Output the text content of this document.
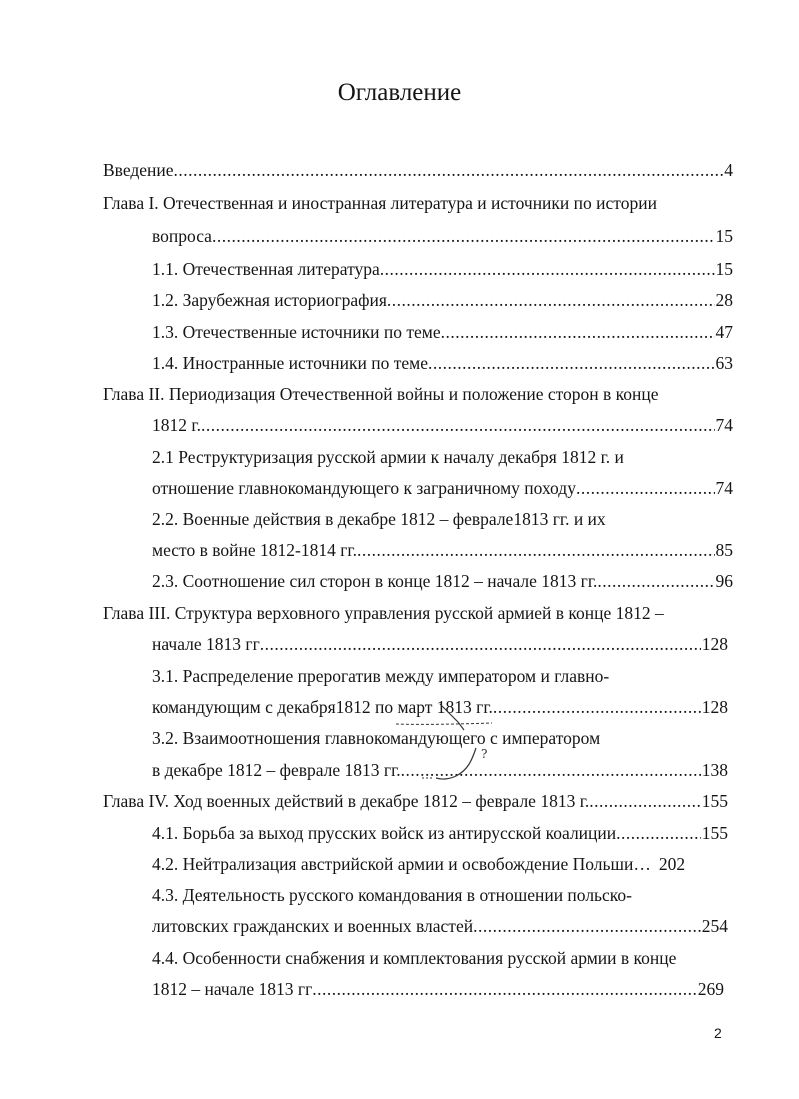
Оглавление
Введение .....	4
Глава I. Отечественная и иностранная литература и источники по истории
вопроса .....	15
1.1. Отечественная литература .....	15
1.2. Зарубежная историография .....	28
1.3. Отечественные источники по теме .....	47
1.4. Иностранные источники по теме .....	63
Глава II. Периодизация Отечественной войны и положение сторон в конце
1812 г. .....	74
2.1 Реструктуризация русской армии к началу декабря 1812 г. и
отношение главнокомандующего к заграничному походу .....	74
2.2. Военные действия в декабре 1812 – феврале1813 гг. и их
место в войне 1812-1814 гг. .....	85
2.3. Соотношение сил сторон в конце 1812 – начале 1813 гг. .....	96
Глава III. Структура верховного управления русской армией в конце 1812 –
начале 1813 гг .....	128
3.1. Распределение прерогатив между императором и главно-
командующим с декабря1812 по март 1813 гг. .....	128
3.2. Взаимоотношения главнокомандующего с императором
в декабре 1812 – феврале 1813 гг. .....	138
Глава IV. Ход военных действий в декабре 1812 – феврале 1813 г. .....	155
4.1. Борьба за выход прусских войск из антирусской коалиции .....	155
4.2. Нейтрализация австрийской армии и освобождение Польши… 202
4.3. Деятельность русского командования в отношении польско-
литовских гражданских и военных властей .....	254
4.4. Особенности снабжения и комплектования русской армии в конце
1812 – начале 1813 гг .....	269
?
2
